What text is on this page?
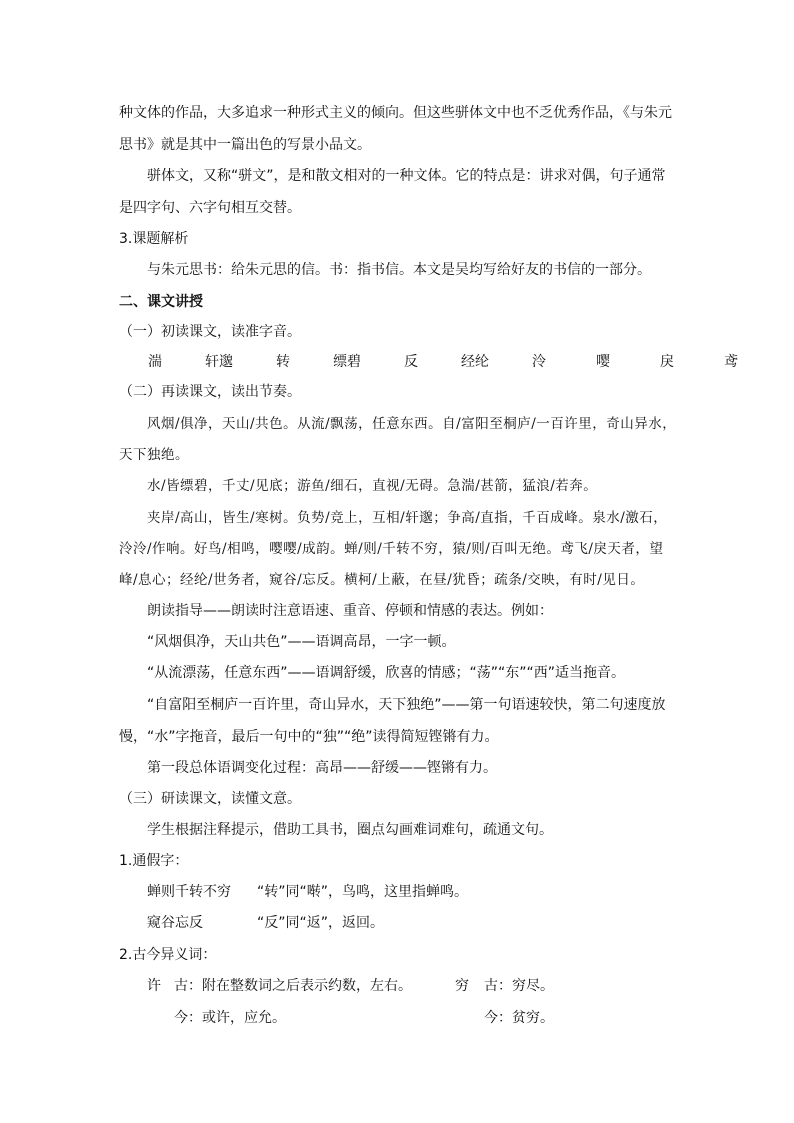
种文体的作品，大多追求一种形式主义的倾向。但这些骈体文中也不乏优秀作品，《与朱元
思书》就是其中一篇出色的写景小品文。
骈体文，又称“骈文”，是和散文相对的一种文体。它的特点是：讲求对偶，句子通常
是四字句、六字句相互交替。
3.课题解析
与朱元思书：给朱元思的信。书：指书信。本文是吴均写给好友的书信的一部分。
二、课文讲授
（一）初读课文，读准字音。
湍	轩邈	转	缥碧	反	经纶	泠	嘤	戾	鸢
（二）再读课文，读出节奏。
风烟/俱净，天山/共色。从流/飘荡，任意东西。自/富阳至桐庐/一百许里，奇山异水，
天下独绝。
水/皆缥碧，千丈/见底；游鱼/细石，直视/无碍。急湍/甚箭，猛浪/若奔。
夹岸/高山，皆生/寒树。负势/竞上，互相/轩邈；争高/直指，千百成峰。泉水/激石，
泠泠/作响。好鸟/相鸣，嘤嘤/成韵。蝉/则/千转不穷，猿/则/百叫无绝。鸢飞/戾天者，望
峰/息心；经纶/世务者，窥谷/忘反。横柯/上蔽，在昼/犹昏；疏条/交映，有时/见日。
朗读指导——朗读时注意语速、重音、停顿和情感的表达。例如：
“风烟俱净，天山共色”——语调高昂，一字一顿。
“从流漂荡，任意东西”——语调舒缓，欣喜的情感；“荡”“东”“西”适当拖音。
“自富阳至桐庐一百许里，奇山异水，天下独绝”——第一句语速较快，第二句速度放
慢，“水”字拖音，最后一句中的“独”“绝”读得简短铿锵有力。
第一段总体语调变化过程：高昂——舒缓——铿锵有力。
（三）研读课文，读懂文意。
学生根据注释提示，借助工具书，圈点勾画难词难句，疏通文句。
1.通假字：
蝉则千转不穷 “转”同“啭”，鸟鸣，这里指蝉鸣。
窥谷忘反	“反”同“返”，返回。
2.古今异义词：
许 古：附在整数词之后表示约数，左右。	穷 古：穷尽。
今：或许，应允。	今：贫穷。
